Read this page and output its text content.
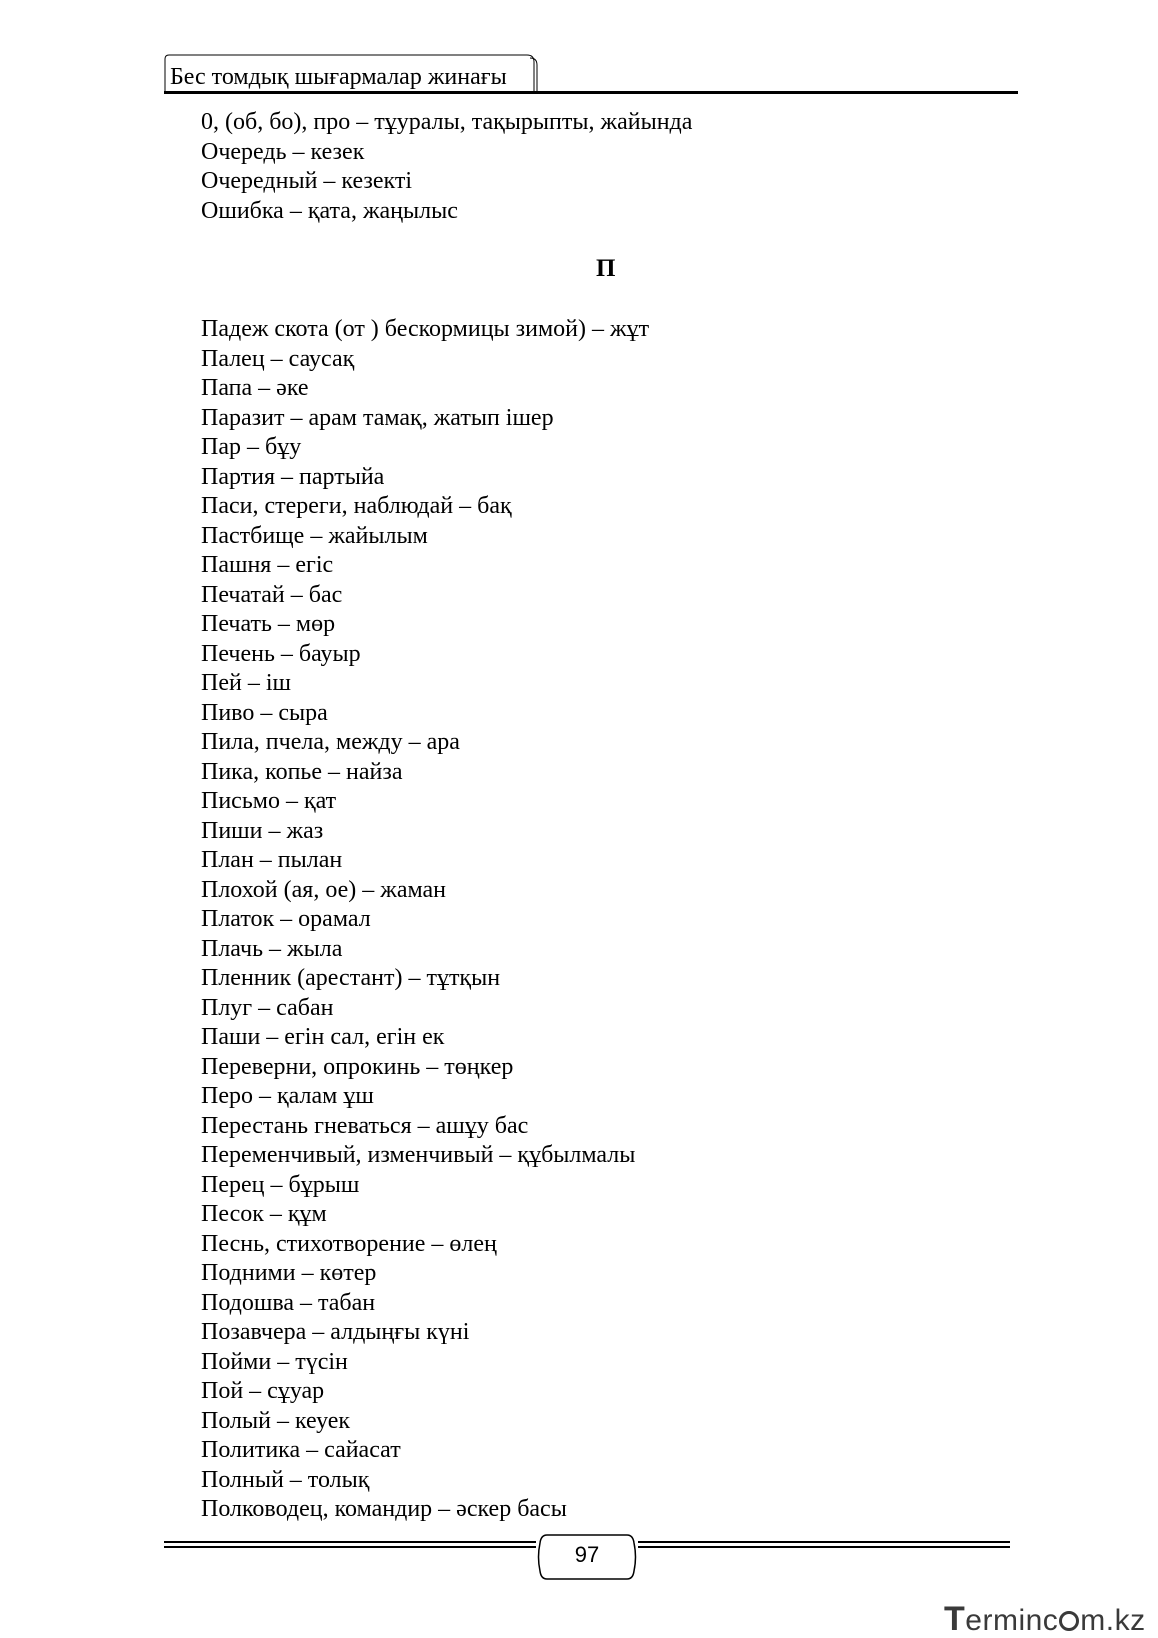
Бес томдық шығармалар жинағы
0, (об, бо), про – тұуралы, тақырыпты, жайында
Очередь – кезек
Очередный – кезекті
Ошибка – қата, жаңылыс
П
Падеж скота (от ) бескормицы зимой) – жұт
Палец – саусақ
Папа – әке
Паразит – арам тамақ, жатып ішер
Пар – бұу
Партия – партыйа
Паси, стереги, наблюдай – бақ
Пастбище – жайылым
Пашня – егіс
Печатай – бас
Печать – мөр
Печень – бауыр
Пей – іш
Пиво – сыра
Пила, пчела, между – ара
Пика, копье – найза
Письмо – қат
Пиши – жаз
План – пылан
Плохой (ая, ое) – жаман
Платок – орамал
Плачь – жыла
Пленник (арестант) – тұтқын
Плуг – сабан
Паши – егін сал, егін ек
Переверни, опрокинь – төңкер
Перо – қалам ұш
Перестань гневаться – ашұу бас
Переменчивый, изменчивый – құбылмалы
Перец – бұрыш
Песок – құм
Песнь, стихотворение – өлең
Подними – көтер
Подошва – табан
Позавчера – алдыңғы күні
Пойми – түсін
Пой – сұуар
Полый – кеуек
Политика – сайасат
Полный – толық
Полководец, командир – әскер басы
97
Terminc m.kz
